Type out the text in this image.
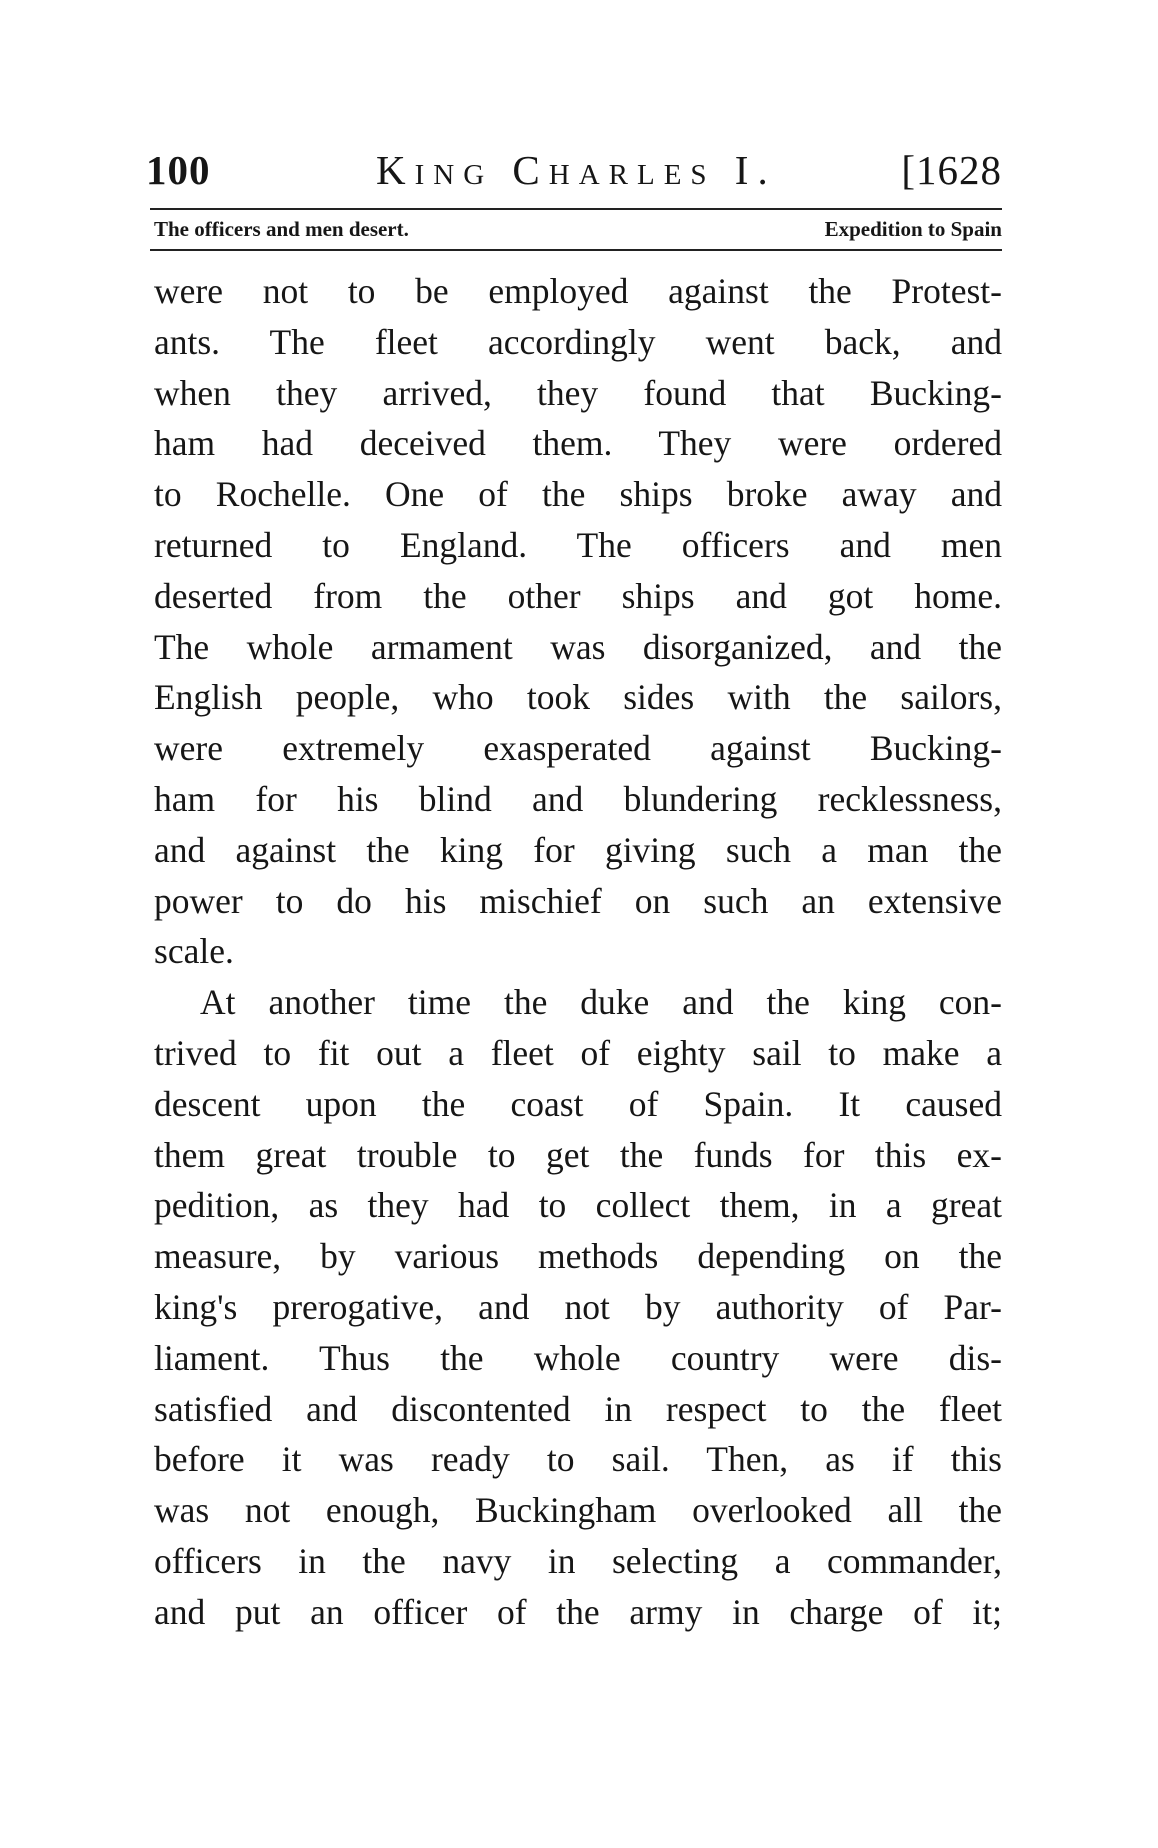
100	King Charles I.	[1628
The officers and men desert.	Expedition to Spain
were not to be employed against the Protest-
ants. The fleet accordingly went back, and
when they arrived, they found that Bucking-
ham had deceived them. They were ordered
to Rochelle. One of the ships broke away and
returned to England. The officers and men
deserted from the other ships and got home.
The whole armament was disorganized, and the
English people, who took sides with the sailors,
were extremely exasperated against Bucking-
ham for his blind and blundering recklessness,
and against the king for giving such a man the
power to do his mischief on such an extensive
scale.
At another time the duke and the king con-
trived to fit out a fleet of eighty sail to make a
descent upon the coast of Spain. It caused
them great trouble to get the funds for this ex-
pedition, as they had to collect them, in a great
measure, by various methods depending on the
king's prerogative, and not by authority of Par-
liament. Thus the whole country were dis-
satisfied and discontented in respect to the fleet
before it was ready to sail. Then, as if this
was not enough, Buckingham overlooked all the
officers in the navy in selecting a commander,
and put an officer of the army in charge of it;
